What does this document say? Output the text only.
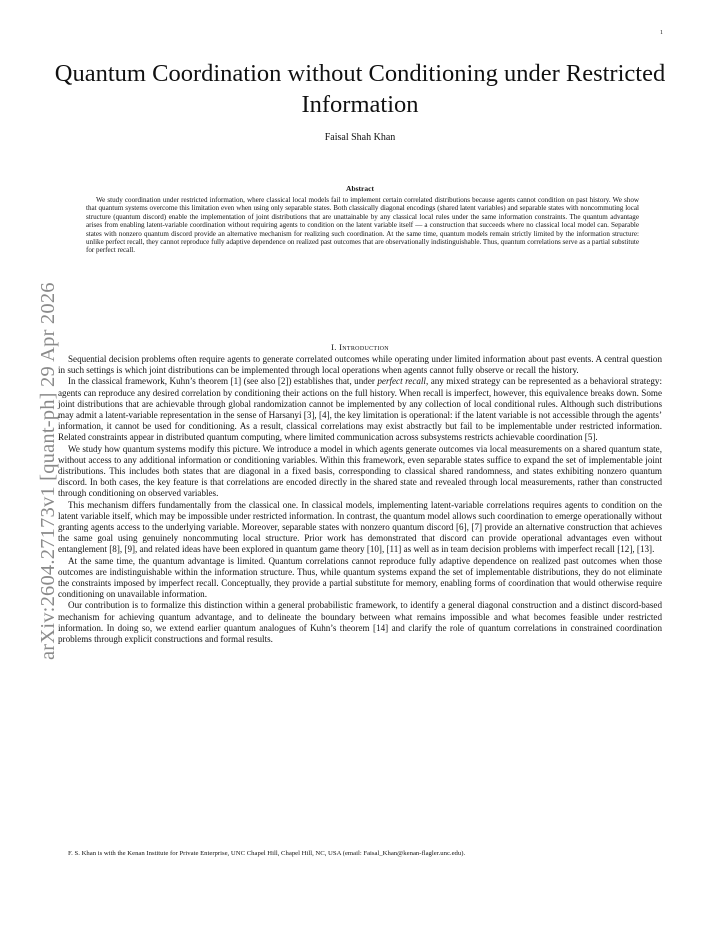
1
arXiv:2604.27173v1 [quant-ph] 29 Apr 2026
Quantum Coordination without Conditioning under Restricted Information
Faisal Shah Khan
Abstract

We study coordination under restricted information, where classical local models fail to implement certain correlated distributions because agents cannot condition on past history. We show that quantum systems overcome this limitation even when using only separable states. Both classically diagonal encodings (shared latent variables) and separable states with noncommuting local structure (quantum discord) enable the implementation of joint distributions that are unattainable by any classical local rules under the same information constraints. The quantum advantage arises from enabling latent-variable coordination without requiring agents to condition on the latent variable itself — a construction that succeeds where no classical local model can. Separable states with nonzero quantum discord provide an alternative mechanism for realizing such coordination. At the same time, quantum models remain strictly limited by the information structure: unlike perfect recall, they cannot reproduce fully adaptive dependence on realized past outcomes that are observationally indistinguishable. Thus, quantum correlations serve as a partial substitute for perfect recall.

I. Introduction

Sequential decision problems often require agents to generate correlated outcomes while operating under limited information about past events. A central question in such settings is which joint distributions can be implemented through local operations when agents cannot fully observe or recall the history.

In the classical framework, Kuhn’s theorem [1] (see also [2]) establishes that, under perfect recall, any mixed strategy can be represented as a behavioral strategy: agents can reproduce any desired correlation by conditioning their actions on the full history. When recall is imperfect, however, this equivalence breaks down. Some joint distributions that are achievable through global randomization cannot be implemented by any collection of local conditional rules. Although such distributions may admit a latent-variable representation in the sense of Harsanyi [3], [4], the key limitation is operational: if the latent variable is not accessible through the agents’ information, it cannot be used for conditioning. As a result, classical correlations may exist abstractly but fail to be implementable under restricted information. Related constraints appear in distributed quantum computing, where limited communication across subsystems restricts achievable coordination [5].

We study how quantum systems modify this picture. We introduce a model in which agents generate outcomes via local measurements on a shared quantum state, without access to any additional information or conditioning variables. Within this framework, even separable states suffice to expand the set of implementable joint distributions. This includes both states that are diagonal in a fixed basis, corresponding to classical shared randomness, and states exhibiting nonzero quantum discord. In both cases, the key feature is that correlations are encoded directly in the shared state and revealed through local measurements, rather than constructed through conditioning on observed variables.

This mechanism differs fundamentally from the classical one. In classical models, implementing latent-variable correlations requires agents to condition on the latent variable itself, which may be impossible under restricted information. In contrast, the quantum model allows such coordination to emerge operationally without granting agents access to the underlying variable. Moreover, separable states with nonzero quantum discord [6], [7] provide an alternative construction that achieves the same goal using genuinely noncommuting local structure. Prior work has demonstrated that discord can provide operational advantages even without entanglement [8], [9], and related ideas have been explored in quantum game theory [10], [11] as well as in team decision problems with imperfect recall [12], [13].

At the same time, the quantum advantage is limited. Quantum correlations cannot reproduce fully adaptive dependence on realized past outcomes when those outcomes are indistinguishable within the information structure. Thus, while quantum systems expand the set of implementable distributions, they do not eliminate the constraints imposed by imperfect recall. Conceptually, they provide a partial substitute for memory, enabling forms of coordination that would otherwise require conditioning on unavailable information.

Our contribution is to formalize this distinction within a general probabilistic framework, to identify a general diagonal construction and a distinct discord-based mechanism for achieving quantum advantage, and to delineate the boundary between what remains impossible and what becomes feasible under restricted information. In doing so, we extend earlier quantum analogues of Kuhn’s theorem [14] and clarify the role of quantum correlations in constrained coordination problems through explicit constructions and formal results.

F. S. Khan is with the Kenan Institute for Private Enterprise, UNC Chapel Hill, Chapel Hill, NC, USA (email: Faisal_Khan@kenan-flagler.unc.edu).
